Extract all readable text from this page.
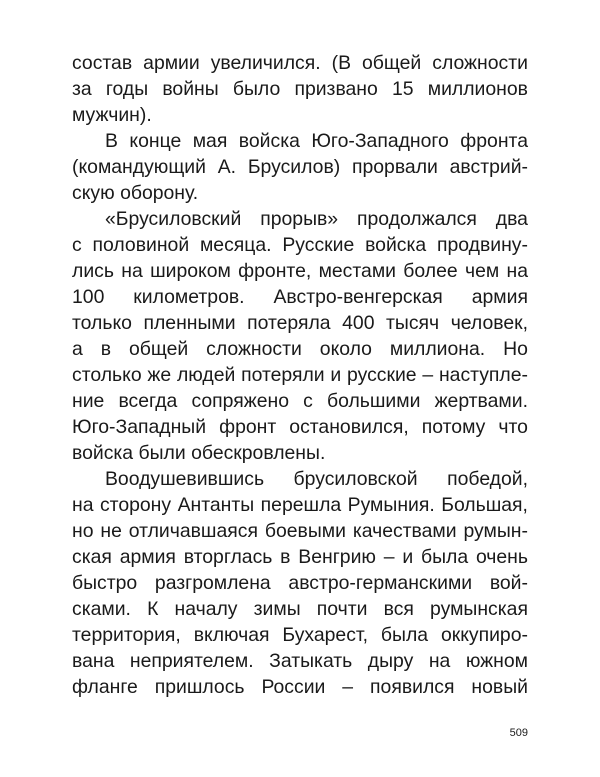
состав армии увеличился. (В общей сложности
за годы войны было призвано 15 миллионов
мужчин).
В конце мая войска Юго-Западного фронта
(командующий А. Брусилов) прорвали австрий-
скую оборону.
«Брусиловский прорыв» продолжался два
с половиной месяца. Русские войска продвину-
лись на широком фронте, местами более чем на
100 километров. Австро-венгерская армия
только пленными потеряла 400 тысяч человек,
а в общей сложности около миллиона. Но
столько же людей потеряли и русские – наступле-
ние всегда сопряжено с большими жертвами.
Юго-Западный фронт остановился, потому что
войска были обескровлены.
Воодушевившись брусиловской победой,
на сторону Антанты перешла Румыния. Большая,
но не отличавшаяся боевыми качествами румын-
ская армия вторглась в Венгрию – и была очень
быстро разгромлена австро-германскими вой-
сками. К началу зимы почти вся румынская
территория, включая Бухарест, была оккупиро-
вана неприятелем. Затыкать дыру на южном
фланге пришлось России – появился новый
509
